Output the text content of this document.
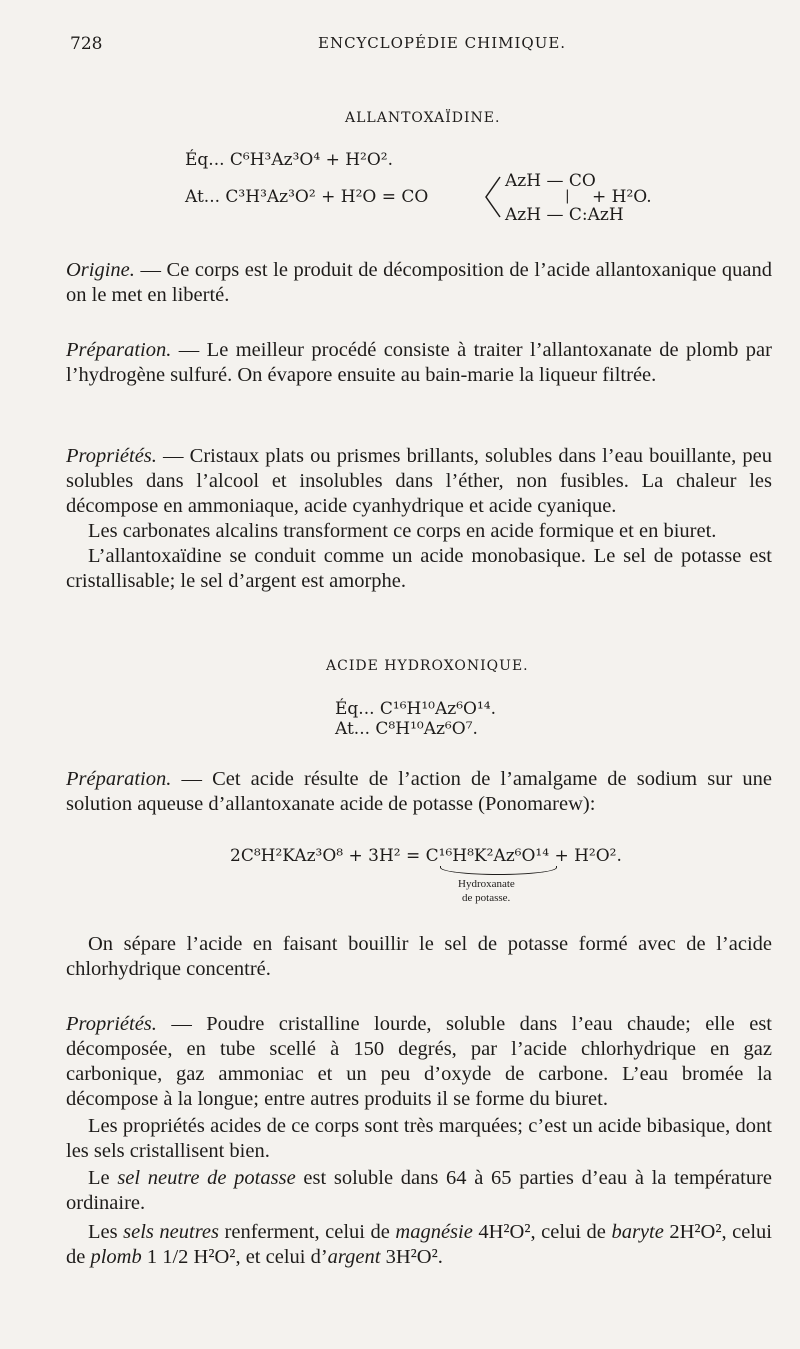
728	ENCYCLOPÉDIE CHIMIQUE.
ALLANTOXAÏDINE.
Éq... C⁶H³Az³O⁴ + H²O².
At... C³H³Az³O² + H²O = CO
AzH — CO
|
AzH — C:AzH
+ H²O.
Origine. — Ce corps est le produit de décomposition de l’acide allantoxanique quand on le met en liberté.
Préparation. — Le meilleur procédé consiste à traiter l’allantoxanate de plomb par l’hydrogène sulfuré. On évapore ensuite au bain-marie la liqueur filtrée.
Propriétés. — Cristaux plats ou prismes brillants, solubles dans l’eau bouillante, peu solubles dans l’alcool et insolubles dans l’éther, non fusibles. La chaleur les décompose en ammoniaque, acide cyanhydrique et acide cyanique.
Les carbonates alcalins transforment ce corps en acide formique et en biuret.
L’allantoxaïdine se conduit comme un acide monobasique. Le sel de potasse est cristallisable; le sel d’argent est amorphe.
ACIDE HYDROXONIQUE.
Éq... C¹⁶H¹⁰Az⁶O¹⁴.
At... C⁸H¹⁰Az⁶O⁷.
Préparation. — Cet acide résulte de l’action de l’amalgame de sodium sur une solution aqueuse d’allantoxanate acide de potasse (Ponomarew):
2C⁸H²KAz³O⁸ + 3H² = C¹⁶H⁸K²Az⁶O¹⁴ + H²O².
Hydroxanate
de potasse.
On sépare l’acide en faisant bouillir le sel de potasse formé avec de l’acide chlorhydrique concentré.
Propriétés. — Poudre cristalline lourde, soluble dans l’eau chaude; elle est décomposée, en tube scellé à 150 degrés, par l’acide chlorhydrique en gaz carbonique, gaz ammoniac et un peu d’oxyde de carbone. L’eau bromée la décompose à la longue; entre autres produits il se forme du biuret.
Les propriétés acides de ce corps sont très marquées; c’est un acide bibasique, dont les sels cristallisent bien.
Le sel neutre de potasse est soluble dans 64 à 65 parties d’eau à la température ordinaire.
Les sels neutres renferment, celui de magnésie 4H²O², celui de baryte 2H²O², celui de plomb 1 1/2 H²O², et celui d’argent 3H²O².
